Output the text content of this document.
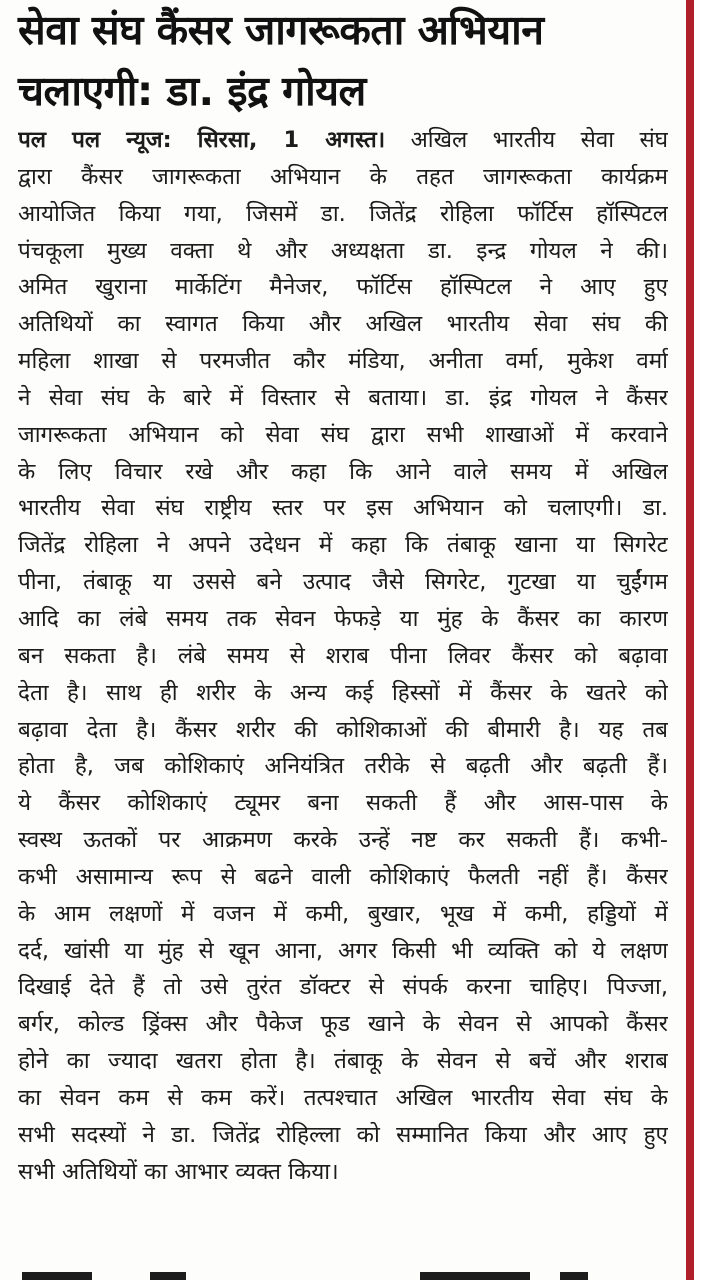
सेवा संघ कैंसर जागरूकता अभियान
चलाएगी: डा. इंद्र गोयल
पल पल न्यूज: सिरसा, 1 अगस्त। अखिल भारतीय सेवा संघ
द्वारा कैंसर जागरूकता अभियान के तहत जागरूकता कार्यक्रम
आयोजित किया गया, जिसमें डा. जितेंद्र रोहिला फॉर्टिस हॉस्पिटल
पंचकूला मुख्य वक्ता थे और अध्यक्षता डा. इन्द्र गोयल ने की।
अमित खुराना मार्केटिंग मैनेजर, फॉर्टिस हॉस्पिटल ने आए हुए
अतिथियों का स्वागत किया और अखिल भारतीय सेवा संघ की
महिला शाखा से परमजीत कौर मंडिया, अनीता वर्मा, मुकेश वर्मा
ने सेवा संघ के बारे में विस्तार से बताया। डा. इंद्र गोयल ने कैंसर
जागरूकता अभियान को सेवा संघ द्वारा सभी शाखाओं में करवाने
के लिए विचार रखे और कहा कि आने वाले समय में अखिल
भारतीय सेवा संघ राष्ट्रीय स्तर पर इस अभियान को चलाएगी। डा.
जितेंद्र रोहिला ने अपने उदेधन में कहा कि तंबाकू खाना या सिगरेट
पीना, तंबाकू या उससे बने उत्पाद जैसे सिगरेट, गुटखा या चुईंगम
आदि का लंबे समय तक सेवन फेफड़े या मुंह के कैंसर का कारण
बन सकता है। लंबे समय से शराब पीना लिवर कैंसर को बढ़ावा
देता है। साथ ही शरीर के अन्य कई हिस्सों में कैंसर के खतरे को
बढ़ावा देता है। कैंसर शरीर की कोशिकाओं की बीमारी है। यह तब
होता है, जब कोशिकाएं अनियंत्रित तरीके से बढ़ती और बढ़ती हैं।
ये कैंसर कोशिकाएं ट्यूमर बना सकती हैं और आस-पास के
स्वस्थ ऊतकों पर आक्रमण करके उन्हें नष्ट कर सकती हैं। कभी-
कभी असामान्य रूप से बढने वाली कोशिकाएं फैलती नहीं हैं। कैंसर
के आम लक्षणों में वजन में कमी, बुखार, भूख में कमी, हड्डियों में
दर्द, खांसी या मुंह से खून आना, अगर किसी भी व्यक्ति को ये लक्षण
दिखाई देते हैं तो उसे तुरंत डॉक्टर से संपर्क करना चाहिए। पिज्जा,
बर्गर, कोल्ड ड्रिंक्स और पैकेज फूड खाने के सेवन से आपको कैंसर
होने का ज्यादा खतरा होता है। तंबाकू के सेवन से बचें और शराब
का सेवन कम से कम करें। तत्पश्चात अखिल भारतीय सेवा संघ के
सभी सदस्यों ने डा. जितेंद्र रोहिल्ला को सम्मानित किया और आए हुए
सभी अतिथियों का आभार व्यक्त किया।
